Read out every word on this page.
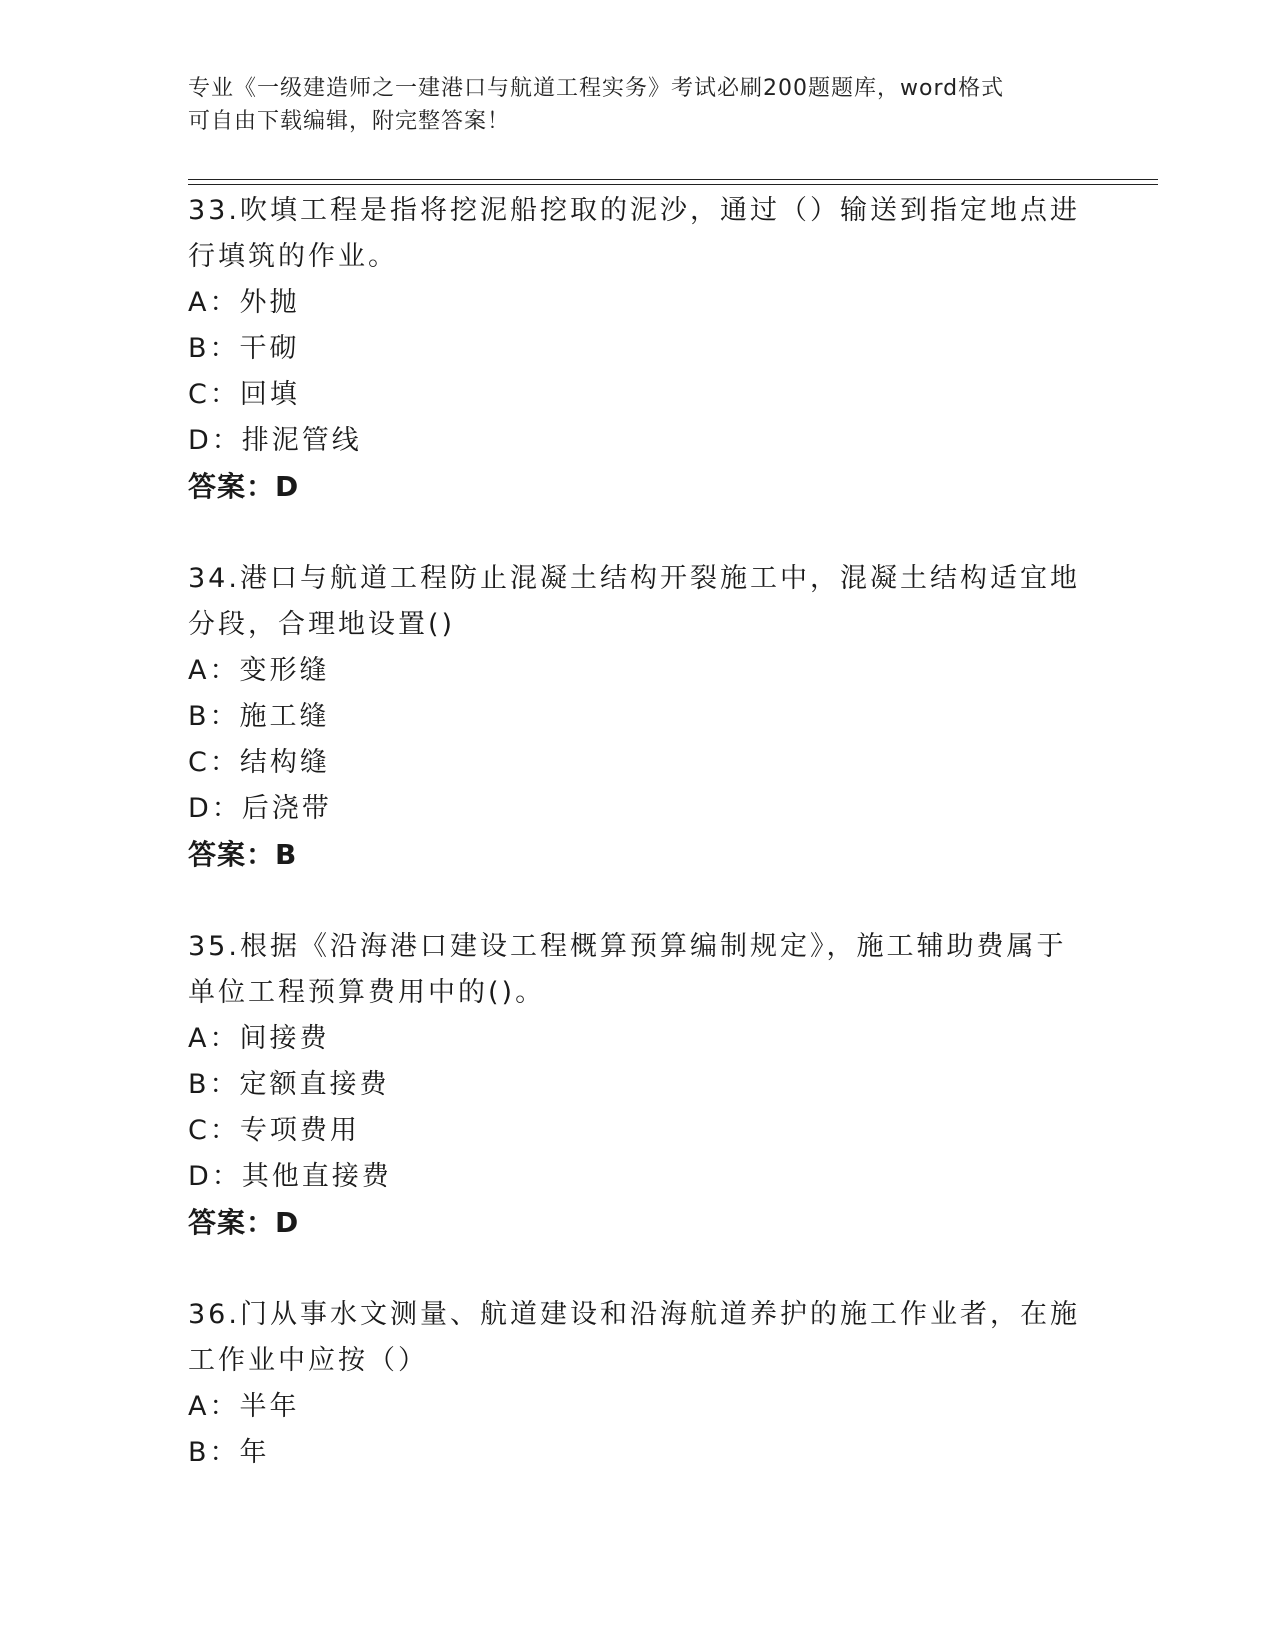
专业《一级建造师之一建港口与航道工程实务》考试必刷200题题库，word格式
可自由下载编辑，附完整答案！

33.吹填工程是指将挖泥船挖取的泥沙，通过（）输送到指定地点进行填筑的作业。

A：外抛

B：干砌

C：回填

D：排泥管线

答案：D

34.港口与航道工程防止混凝土结构开裂施工中，混凝土结构适宜地分段，合理地设置()

A：变形缝

B：施工缝

C：结构缝

D：后浇带

答案：B

35.根据《沿海港口建设工程概算预算编制规定》，施工辅助费属于单位工程预算费用中的()。

A：间接费

B：定额直接费

C：专项费用

D：其他直接费

答案：D

36.门从事水文测量、航道建设和沿海航道养护的施工作业者，在施工作业中应按（）

A：半年

B：年
